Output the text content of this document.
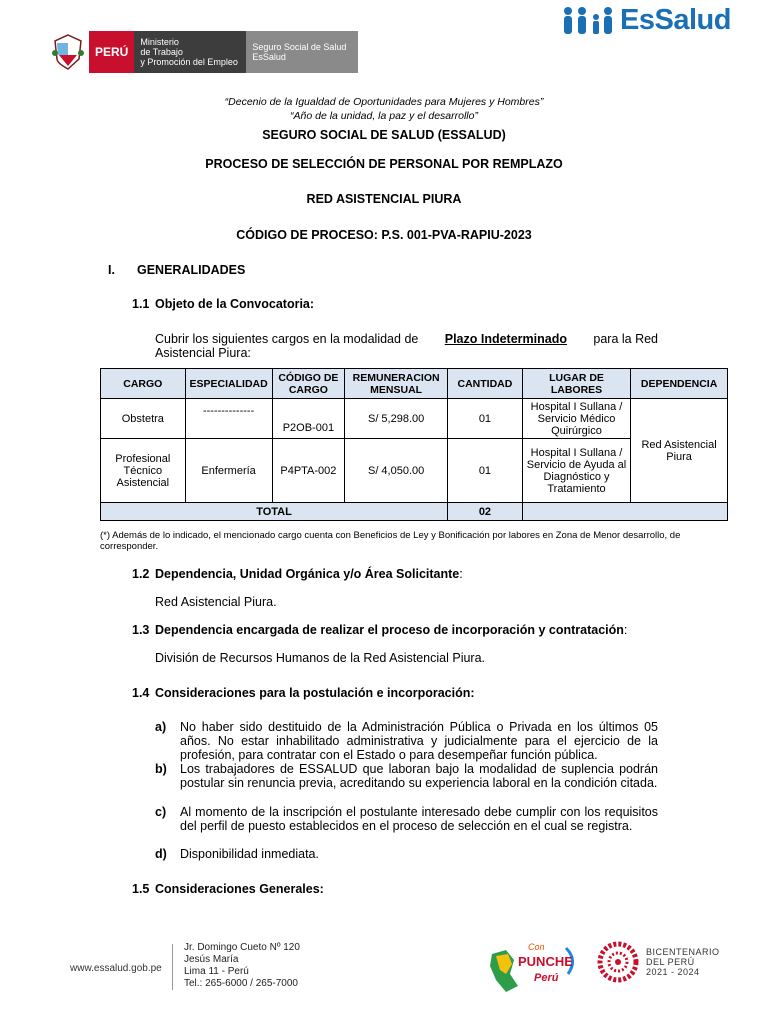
PERÚ
Ministerio
de Trabajo
y Promoción del Empleo
Seguro Social de Salud
EsSalud
EsSalud
“Decenio de la Igualdad de Oportunidades para Mujeres y Hombres”
“Año de la unidad, la paz y el desarrollo”
SEGURO SOCIAL DE SALUD (ESSALUD)
PROCESO DE SELECCIÓN DE PERSONAL POR REMPLAZO
RED ASISTENCIAL PIURA
CÓDIGO DE PROCESO: P.S. 001-PVA-RAPIU-2023
I. GENERALIDADES
1.1 Objeto de la Convocatoria:
Cubrir los siguientes cargos en la modalidad de Plazo Indeterminado para la Red
Asistencial Piura:
CARGO	ESPECIALIDAD	CÓDIGO DE CARGO	REMUNERACION MENSUAL	CANTIDAD	LUGAR DE LABORES	DEPENDENCIA
Obstetra	--------------	P2OB-001	S/ 5,298.00	01	Hospital I Sullana / Servicio Médico Quirúrgico	Red Asistencial Piura
Profesional Técnico Asistencial	Enfermería	P4PTA-002	S/ 4,050.00	01	Hospital I Sullana / Servicio de Ayuda al Diagnóstico y Tratamiento	
TOTAL				02		
(*) Además de lo indicado, el mencionado cargo cuenta con Beneficios de Ley y Bonificación por labores en Zona de Menor desarrollo, de corresponder.
1.2 Dependencia, Unidad Orgánica y/o Área Solicitante:
Red Asistencial Piura.
1.3 Dependencia encargada de realizar el proceso de incorporación y contratación:
División de Recursos Humanos de la Red Asistencial Piura.
1.4 Consideraciones para la postulación e incorporación:
a) No haber sido destituido de la Administración Pública o Privada en los últimos 05 años. No estar inhabilitado administrativa y judicialmente para el ejercicio de la profesión, para contratar con el Estado o para desempeñar función pública.
b) Los trabajadores de ESSALUD que laboran bajo la modalidad de suplencia podrán postular sin renuncia previa, acreditando su experiencia laboral en la condición citada.
c) Al momento de la inscripción el postulante interesado debe cumplir con los requisitos del perfil de puesto establecidos en el proceso de selección en el cual se registra.
d) Disponibilidad inmediata.
1.5 Consideraciones Generales:
www.essalud.gob.pe
Jr. Domingo Cueto Nº 120
Jesús María
Lima 11 - Perú
Tel.: 265-6000 / 265-7000
Con
PUNCHE
Perú
BICENTENARIO
DEL PERÚ
2021 - 2024
